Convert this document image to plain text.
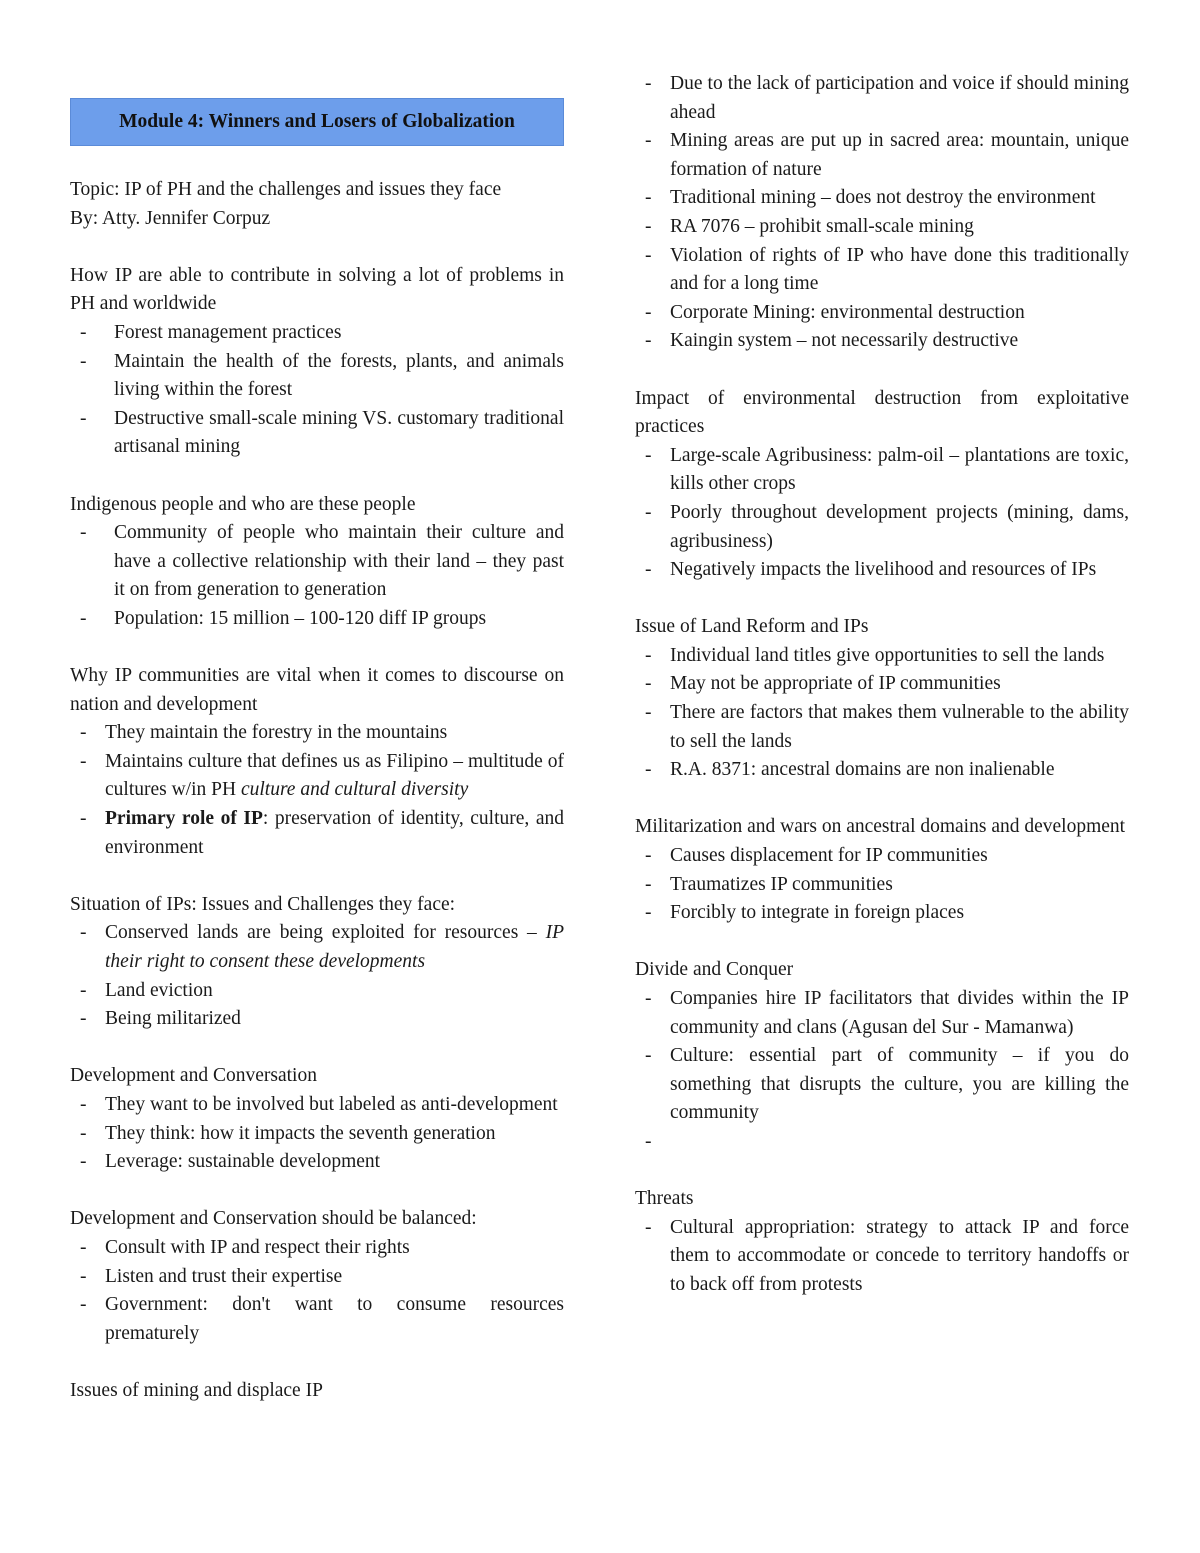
Module 4: Winners and Losers of Globalization

Topic: IP of PH and the challenges and issues they face

By: Atty. Jennifer Corpuz

How IP are able to contribute in solving a lot of problems in PH and worldwide

- Forest management practices
- Maintain the health of the forests, plants, and animals living within the forest
- Destructive small-scale mining VS. customary traditional artisanal mining

Indigenous people and who are these people

- Community of people who maintain their culture and have a collective relationship with their land – they past it on from generation to generation
- Population: 15 million – 100-120 diff IP groups

Why IP communities are vital when it comes to discourse on nation and development

- They maintain the forestry in the mountains
- Maintains culture that defines us as Filipino – multitude of cultures w/in PH culture and cultural diversity
- Primary role of IP: preservation of identity, culture, and environment

Situation of IPs: Issues and Challenges they face:

- Conserved lands are being exploited for resources – IP their right to consent these developments
- Land eviction
- Being militarized

Development and Conversation

- They want to be involved but labeled as anti-development
- They think: how it impacts the seventh generation
- Leverage: sustainable development

Development and Conservation should be balanced:

- Consult with IP and respect their rights
- Listen and trust their expertise
- Government: don't want to consume resources prematurely

Issues of mining and displace IP

- Due to the lack of participation and voice if should mining ahead
- Mining areas are put up in sacred area: mountain, unique formation of nature
- Traditional mining – does not destroy the environment
- RA 7076 – prohibit small-scale mining
- Violation of rights of IP who have done this traditionally and for a long time
- Corporate Mining: environmental destruction
- Kaingin system – not necessarily destructive

Impact of environmental destruction from exploitative practices

- Large-scale Agribusiness: palm-oil – plantations are toxic, kills other crops
- Poorly throughout development projects (mining, dams, agribusiness)
- Negatively impacts the livelihood and resources of IPs

Issue of Land Reform and IPs

- Individual land titles give opportunities to sell the lands
- May not be appropriate of IP communities
- There are factors that makes them vulnerable to the ability to sell the lands
- R.A. 8371: ancestral domains are non inalienable

Militarization and wars on ancestral domains and development

- Causes displacement for IP communities
- Traumatizes IP communities
- Forcibly to integrate in foreign places

Divide and Conquer

- Companies hire IP facilitators that divides within the IP community and clans (Agusan del Sur - Mamanwa)
- Culture: essential part of community – if you do something that disrupts the culture, you are killing the community
-

Threats

- Cultural appropriation: strategy to attack IP and force them to accommodate or concede to territory handoffs or to back off from protests
